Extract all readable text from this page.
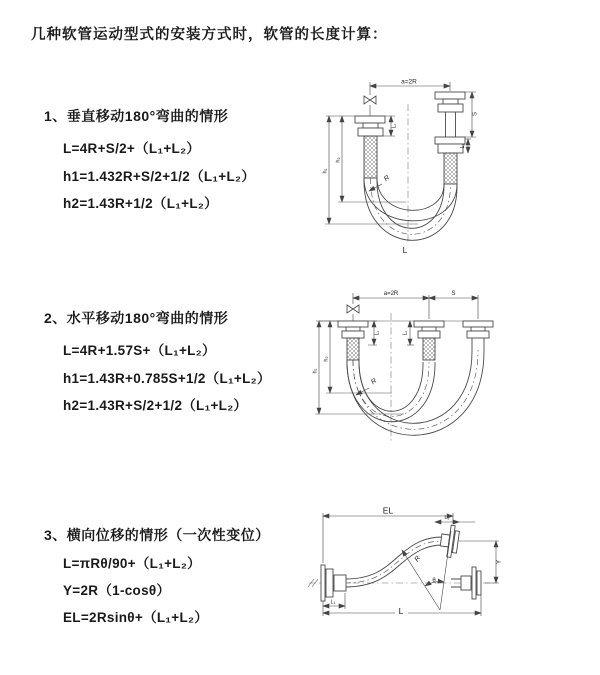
几种软管运动型式的安装方式时，软管的长度计算：
1、垂直移动180°弯曲的情形
L=4R+S/2+（L₁+L₂）
h1=1.432R+S/2+1/2（L₁+L₂）
h2=1.43R+1/2（L₁+L₂）
a=2R
S
L₁
L₂
h₂
h₁
R
L
2、水平移动180°弯曲的情形
L=4R+1.57S+（L₁+L₂）
h1=1.43R+0.785S+1/2（L₁+L₂）
h2=1.43R+S/2+1/2（L₁+L₂）
a=2R	S
L₁	L₂
h₂
h₁
R
3、横向位移的情形（一次性变位）
L=πRθ/90+（L₁+L₂）
Y=2R（1-cosθ）
EL=2Rsinθ+（L₁+L₂）
EL
L₂
Y
L
L₁
R
θ
